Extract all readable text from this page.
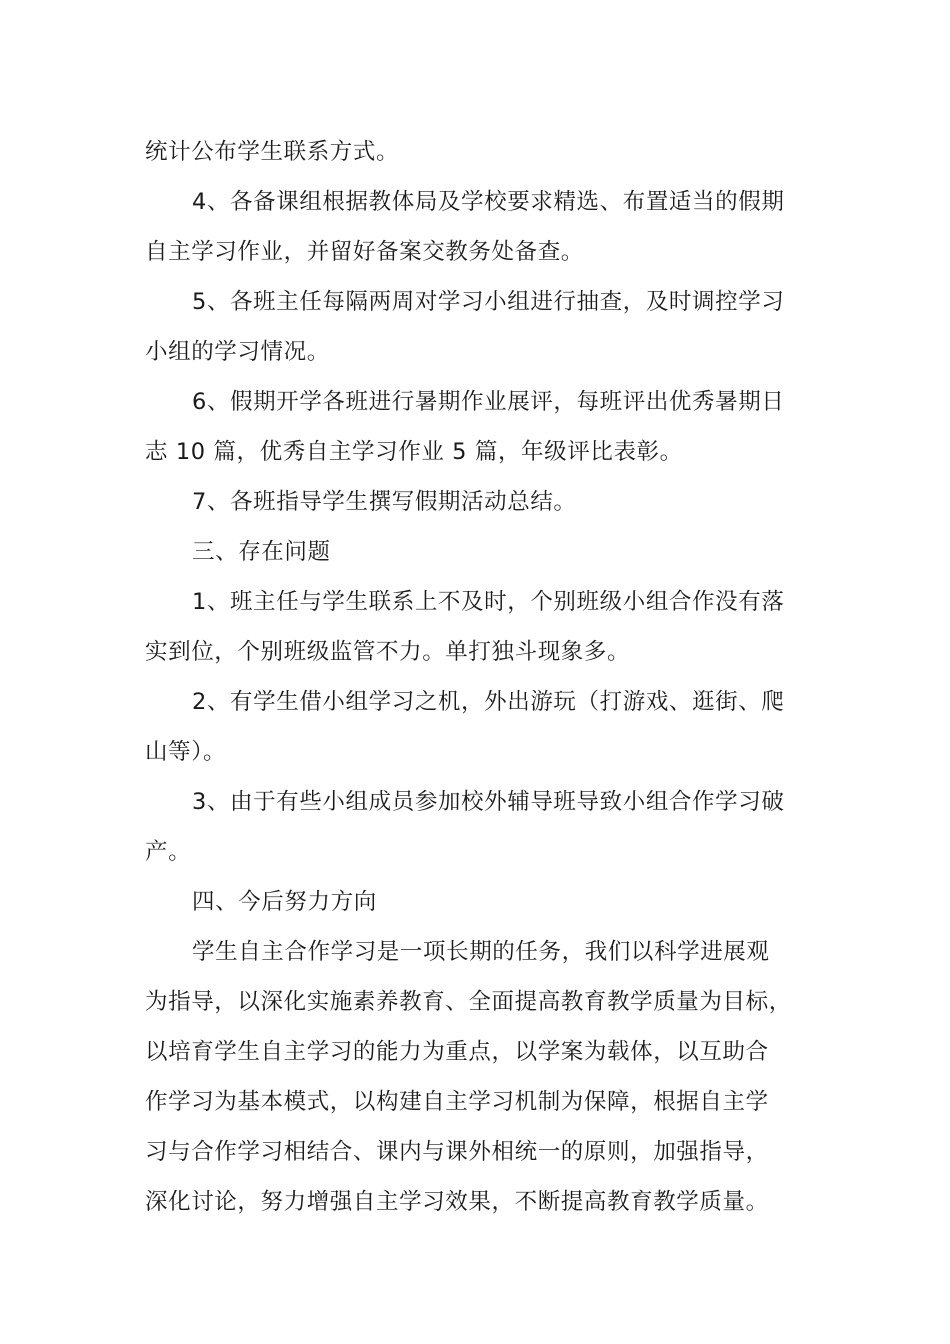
统计公布学生联系方式。
4、各备课组根据教体局及学校要求精选、布置适当的假期
自主学习作业，并留好备案交教务处备查。
5、各班主任每隔两周对学习小组进行抽查，及时调控学习
小组的学习情况。
6、假期开学各班进行暑期作业展评，每班评出优秀暑期日
志 10 篇，优秀自主学习作业 5 篇，年级评比表彰。
7、各班指导学生撰写假期活动总结。
三、存在问题
1、班主任与学生联系上不及时，个别班级小组合作没有落
实到位，个别班级监管不力。单打独斗现象多。
2、有学生借小组学习之机，外出游玩（打游戏、逛街、爬
山等）。
3、由于有些小组成员参加校外辅导班导致小组合作学习破
产。
四、今后努力方向
学生自主合作学习是一项长期的任务，我们以科学进展观
为指导，以深化实施素养教育、全面提高教育教学质量为目标，
以培育学生自主学习的能力为重点，以学案为载体，以互助合
作学习为基本模式，以构建自主学习机制为保障，根据自主学
习与合作学习相结合、课内与课外相统一的原则，加强指导，
深化讨论，努力增强自主学习效果，不断提高教育教学质量。
